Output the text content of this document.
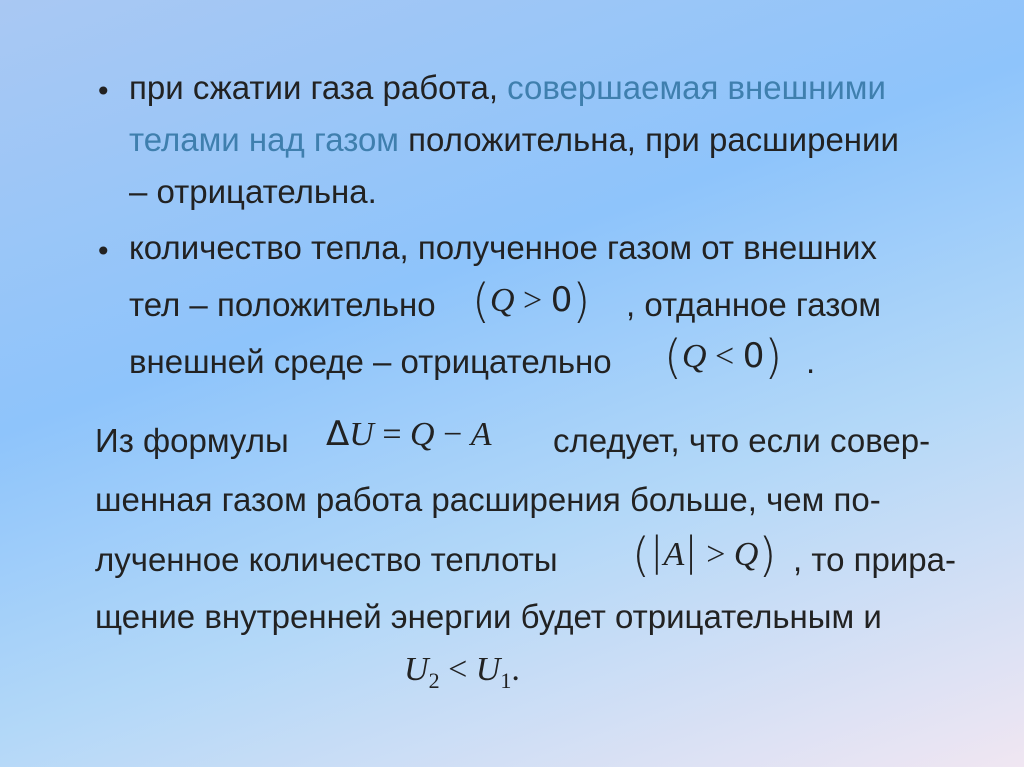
• при сжатии газа работа, совершаемая внешними
телами над газом положительна, при расширении
– отрицательна.
• количество тепла, полученное газом от внешних
тел – положительно (Q > 0) , отданное газом
внешней среде – отрицательно (Q < 0) .
Из формулы ΔU = Q − A следует, что если совер-
шенная газом работа расширения больше, чем по-
лученное количество теплоты (|A| > Q) , то прира-
щение внутренней энергии будет отрицательным и
$U_2 < U_1$.
